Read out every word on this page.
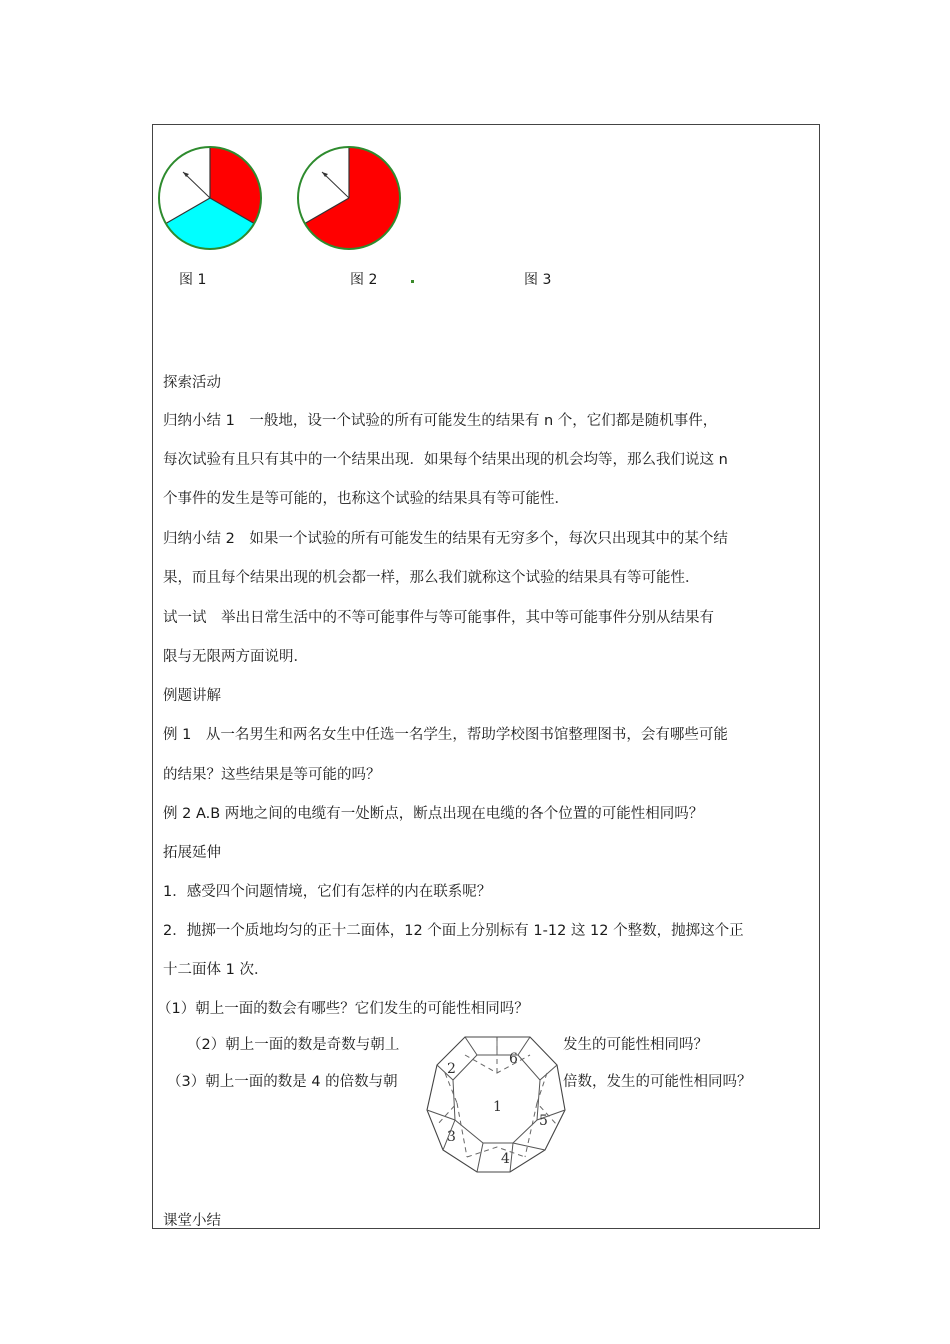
图 1	图 2	图 3
探索活动
归纳小结 1　一般地，设一个试验的所有可能发生的结果有 n 个，它们都是随机事件，
每次试验有且只有其中的一个结果出现．如果每个结果出现的机会均等，那么我们说这 n
个事件的发生是等可能的，也称这个试验的结果具有等可能性．
归纳小结 2　如果一个试验的所有可能发生的结果有无穷多个，每次只出现其中的某个结
果，而且每个结果出现的机会都一样，那么我们就称这个试验的结果具有等可能性．
试一试　举出日常生活中的不等可能事件与等可能事件，其中等可能事件分别从结果有
限与无限两方面说明．
例题讲解
例 1　从一名男生和两名女生中任选一名学生，帮助学校图书馆整理图书，会有哪些可能
的结果？这些结果是等可能的吗？
例 2 A.B 两地之间的电缆有一处断点，断点出现在电缆的各个位置的可能性相同吗？
拓展延伸
1．感受四个问题情境，它们有怎样的内在联系呢？
2．抛掷一个质地均匀的正十二面体，12 个面上分别标有 1-12 这 12 个整数，抛掷这个正
十二面体 1 次．
（1）朝上一面的数会有哪些？它们发生的可能性相同吗？
（2）朝上一面的数是奇数与朝丄	发生的可能性相同吗？
（3）朝上一面的数是 4 的倍数与朝	倍数，发生的可能性相同吗？
1
2
3
4
5
6
课堂小结
